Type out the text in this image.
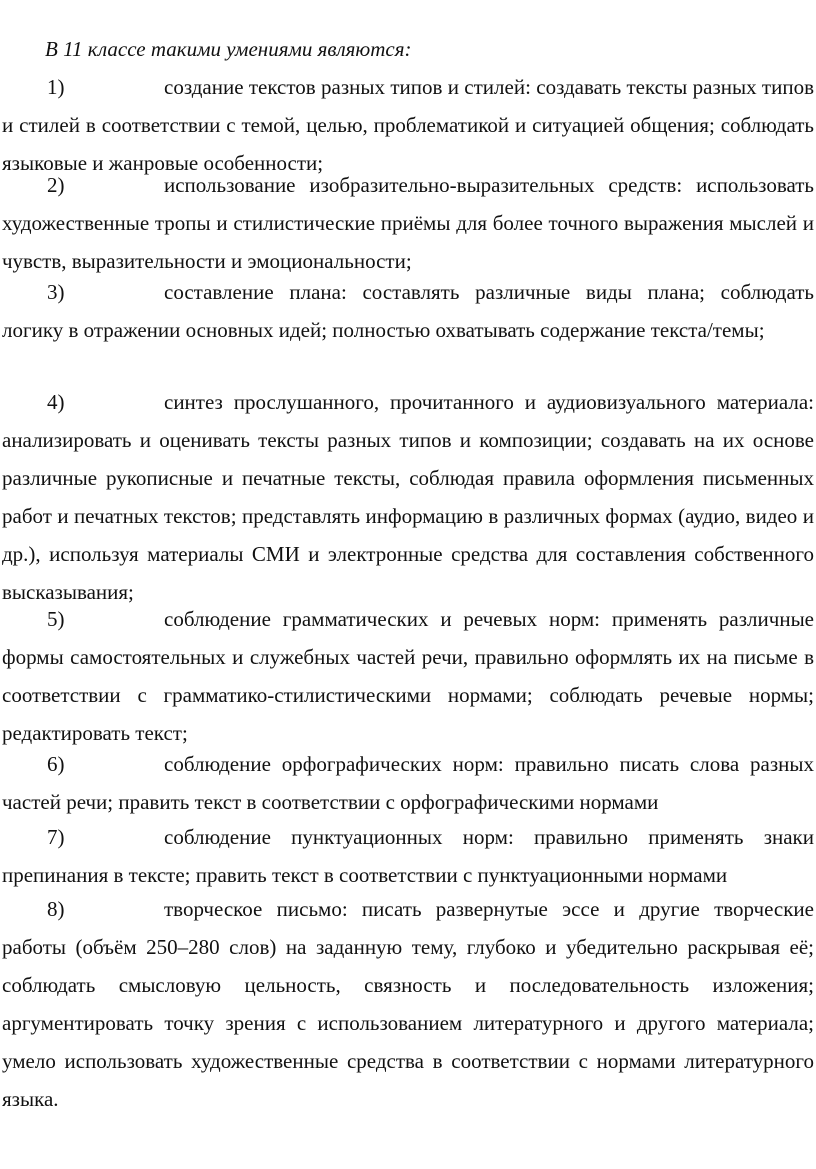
В 11 классе такими умениями являются:

1)	создание текстов разных типов и стилей: создавать тексты разных типов и стилей в соответствии с темой, целью, проблематикой и ситуацией общения; соблюдать языковые и жанровые особенности;

2)	использование изобразительно-выразительных средств: использовать художественные тропы и стилистические приёмы для более точного выражения мыслей и чувств, выразительности и эмоциональности;

3)	составление плана: составлять различные виды плана; соблюдать логику в отражении основных идей; полностью охватывать содержание текста/темы;

4)	синтез прослушанного, прочитанного и аудиовизуального материала: анализировать и оценивать тексты разных типов и композиции; создавать на их основе различные рукописные и печатные тексты, соблюдая правила оформления письменных работ и печатных текстов; представлять информацию в различных формах (аудио, видео и др.), используя материалы СМИ и электронные средства для составления собственного высказывания;

5)	соблюдение грамматических и речевых норм: применять различные формы самостоятельных и служебных частей речи, правильно оформлять их на письме в соответствии с грамматико-стилистическими нормами; соблюдать речевые нормы; редактировать текст;

6)	соблюдение орфографических норм: правильно писать слова разных частей речи; править текст в соответствии с орфографическими нормами

7)	соблюдение пунктуационных норм: правильно применять знаки препинания в тексте; править текст в соответствии с пунктуационными нормами

8)	творческое письмо: писать развернутые эссе и другие творческие работы (объём 250–280 слов) на заданную тему, глубоко и убедительно раскрывая её; соблюдать смысловую цельность, связность и последовательность изложения; аргументировать точку зрения с использованием литературного и другого материала; умело использовать художественные средства в соответствии с нормами литературного языка.
